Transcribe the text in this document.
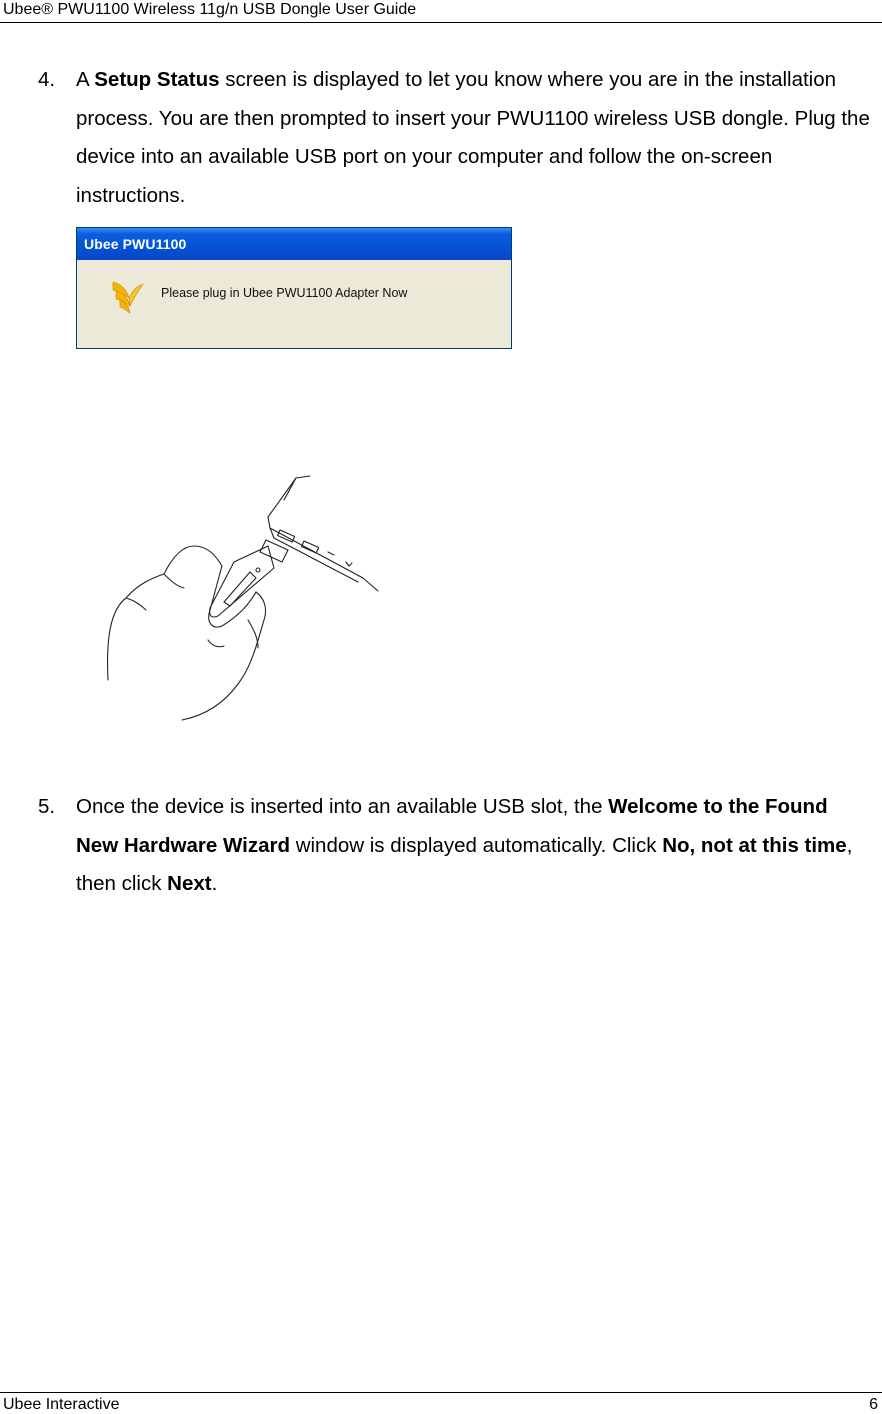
Ubee® PWU1100 Wireless 11g/n USB Dongle User Guide
4. A Setup Status screen is displayed to let you know where you are in the installation process. You are then prompted to insert your PWU1100 wireless USB dongle. Plug the device into an available USB port on your computer and follow the on-screen instructions.
Ubee PWU1100
Please plug in Ubee PWU1100 Adapter Now
5. Once the device is inserted into an available USB slot, the Welcome to the Found New Hardware Wizard window is displayed automatically. Click No, not at this time, then click Next.
Ubee Interactive	6
